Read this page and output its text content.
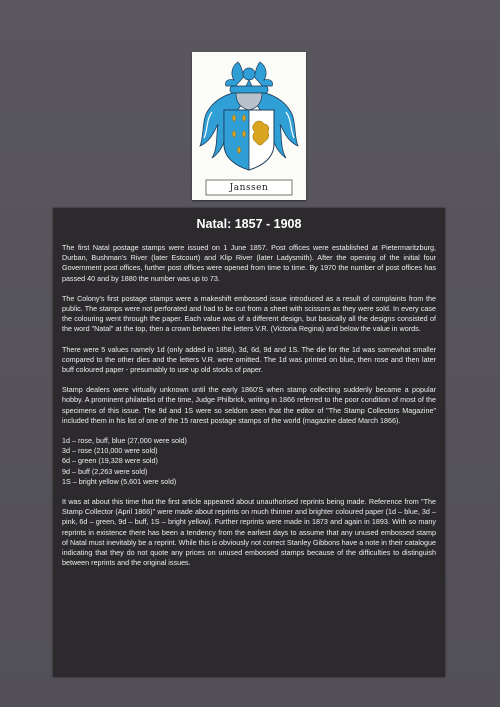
Janssen
Natal: 1857 - 1908

The first Natal postage stamps were issued on 1 June 1857. Post offices were established at Pietermaritzburg, Durban, Bushman's River (later Estcourt) and Klip River (later Ladysmith). After the opening of the initial four Government post offices, further post offices were opened from time to time. By 1970 the number of post offices has passed 40 and by 1880 the number was up to 73.

The Colony's first postage stamps were a makeshift embossed issue introduced as a result of complaints from the public. The stamps were not perforated and had to be cut from a sheet with scissors as they were sold. In every case the colouring went through the paper. Each value was of a different design, but basically all the designs consisted of the word "Natal" at the top, then a crown between the letters V.R. (Victoria Regina) and below the value in words.

There were 5 values namely 1d (only added in 1858), 3d, 6d, 9d and 1S. The die for the 1d was somewhat smaller compared to the other dies and the letters V.R. were omitted. The 1d was printed on blue, then rose and then later buff coloured paper - presumably to use up old stocks of paper.

Stamp dealers were virtually unknown until the early 1860'S when stamp collecting suddenly became a popular hobby. A prominent philatelist of the time, Judge Philbrick, writing in 1866 referred to the poor condition of most of the specimens of this issue. The 9d and 1S were so seldom seen that the editor of "The Stamp Collectors Magazine" included them in his list of one of the 15 rarest postage stamps of the world (magazine dated March 1866).

1d – rose, buff, blue (27,000 were sold)
3d – rose (210,000 were sold)
6d – green (19,328 were sold)
9d – buff (2,263 were sold)
1S – bright yellow (5,601 were sold)

It was at about this time that the first article appeared about unauthorised reprints being made. Reference from "The Stamp Collector (April 1866)" were made about reprints on much thinner and brighter coloured paper (1d – blue, 3d – pink, 6d – green, 9d – buff, 1S – bright yellow). Further reprints were made in 1873 and again in 1893. With so many reprints in existence there has been a tendency from the earliest days to assume that any unused embossed stamp of Natal must inevitably be a reprint. While this is obviously not correct Stanley Gibbons have a note in their catalogue indicating that they do not quote any prices on unused embossed stamps because of the difficulties to distinguish between reprints and the original issues.
